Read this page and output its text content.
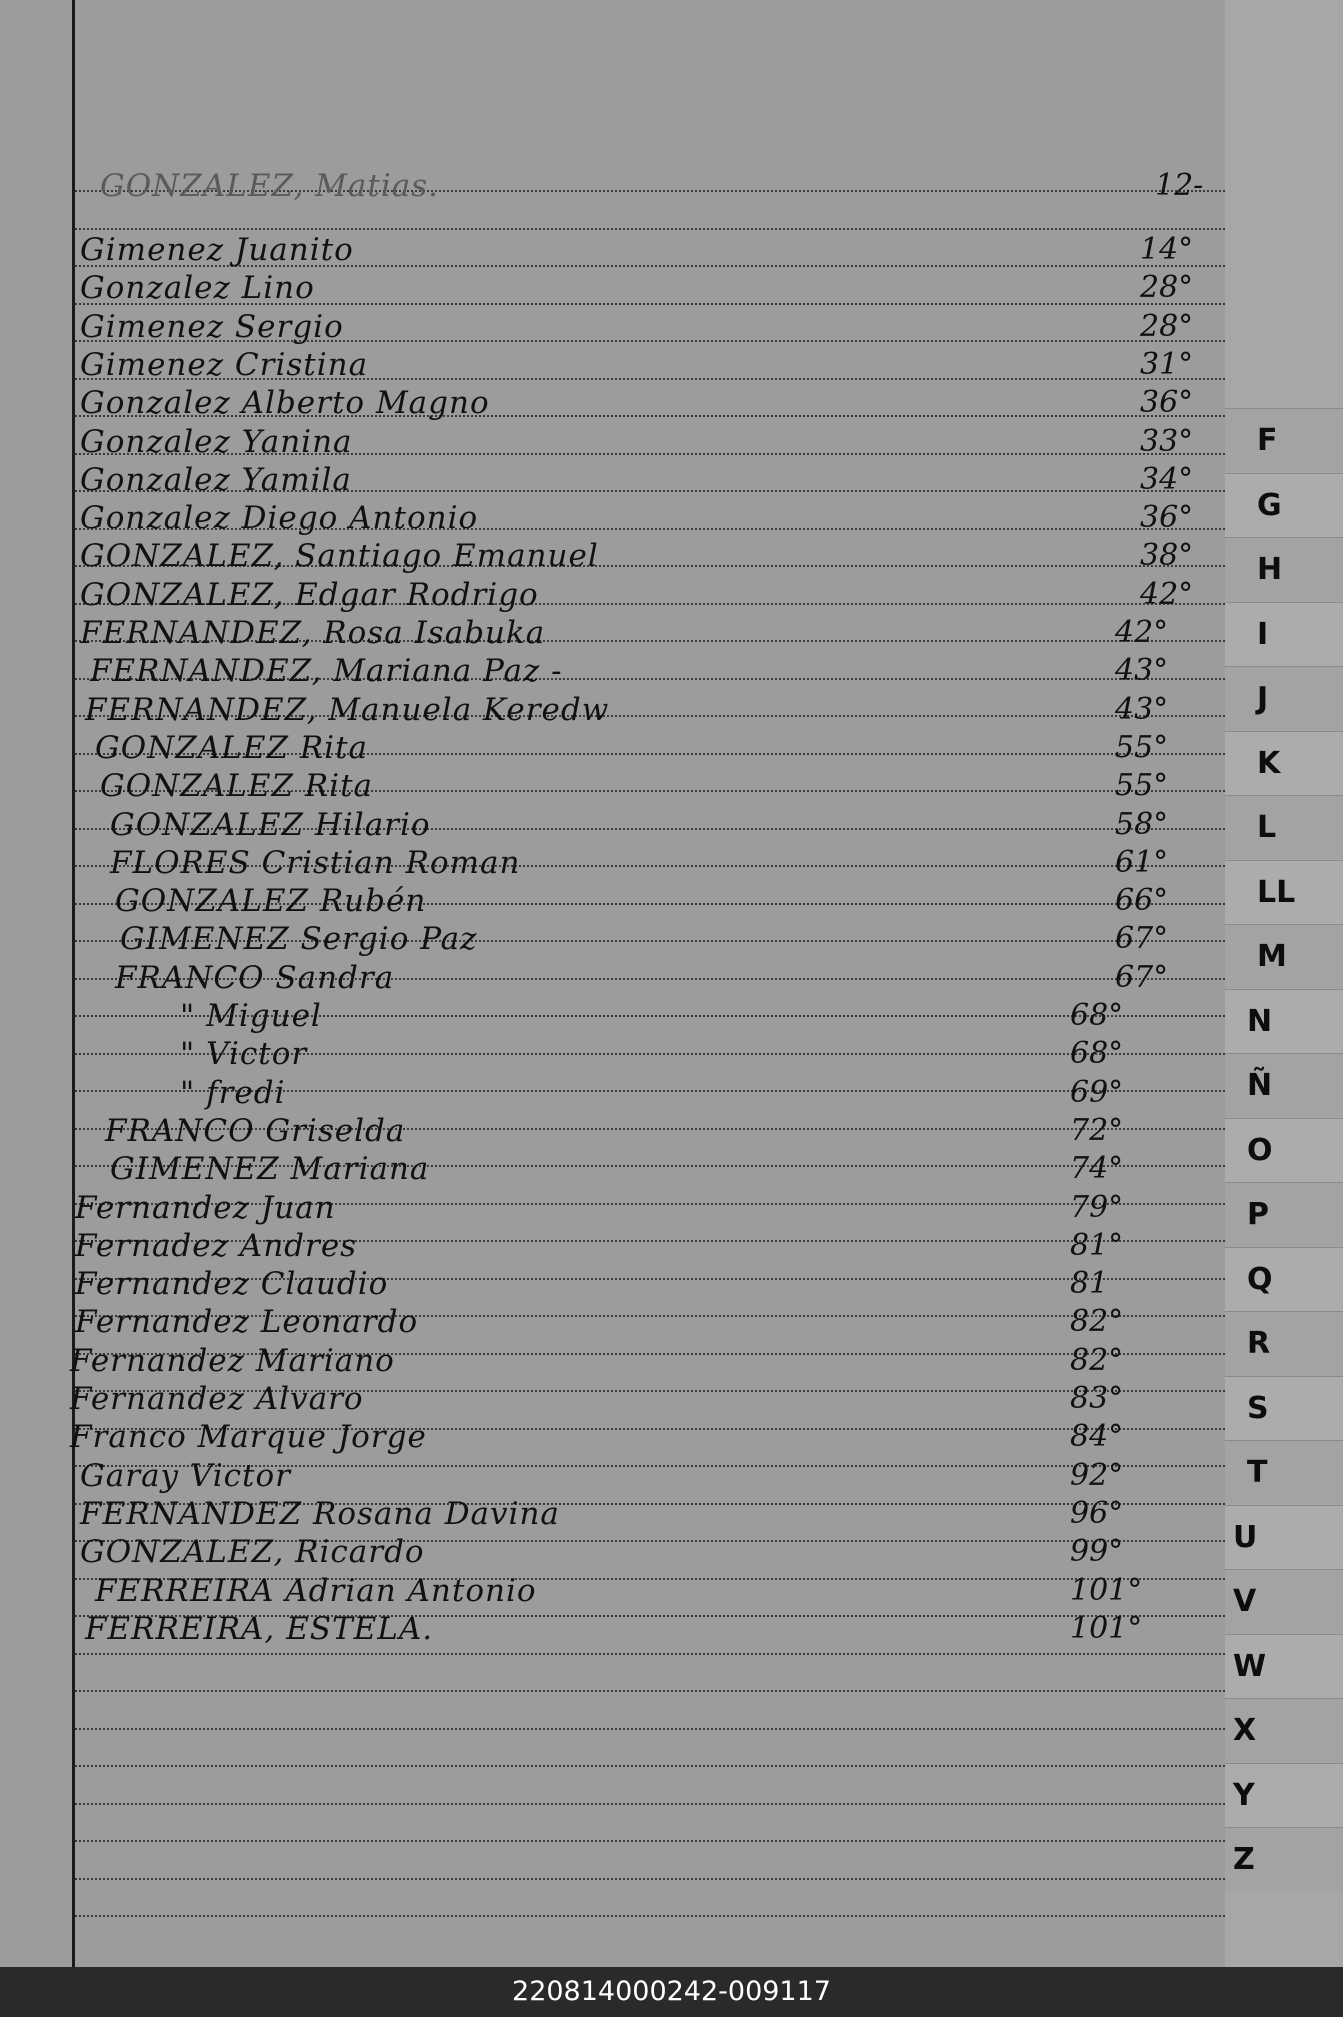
GONZALEZ, Matias.	12-
Gimenez Juanito	14°
Gonzalez Lino	28°
Gimenez Sergio	28°
Gimenez Cristina	31°
Gonzalez Alberto Magno	36°
Gonzalez Yanina	33°
Gonzalez Yamila	34°
Gonzalez Diego Antonio	36°
GONZALEZ, Santiago Emanuel	38°
GONZALEZ, Edgar Rodrigo	42°
FERNANDEZ, Rosa Isabuka	42°
FERNANDEZ, Mariana Paz -	43°
FERNANDEZ, Manuela Keredw	43°
GONZALEZ Rita	55°
GONZALEZ Rita	55°
GONZALEZ Hilario	58°
FLORES Cristian Roman	61°
GONZALEZ Rubén	66°
GIMENEZ Sergio Paz	67°
FRANCO Sandra	67°
" Miguel	68°
" Victor	68°
" fredi	69°
FRANCO Griselda	72°
GIMENEZ Mariana	74°
Fernandez Juan	79°
Fernadez Andres	81°
Fernandez Claudio	81
Fernandez Leonardo	82°
Fernandez Mariano	82°
Fernandez Alvaro	83°
Franco Marque Jorge	84°
Garay Victor	92°
FERNANDEZ Rosana Davina	96°
GONZALEZ, Ricardo	99°
FERREIRA Adrian Antonio	101°
FERREIRA, ESTELA.	101°
F
G
H
I
J
K
L
LL
M
N
Ñ
O
P
Q
R
S
T
U
V
W
X
Y
Z
220814000242-009117
